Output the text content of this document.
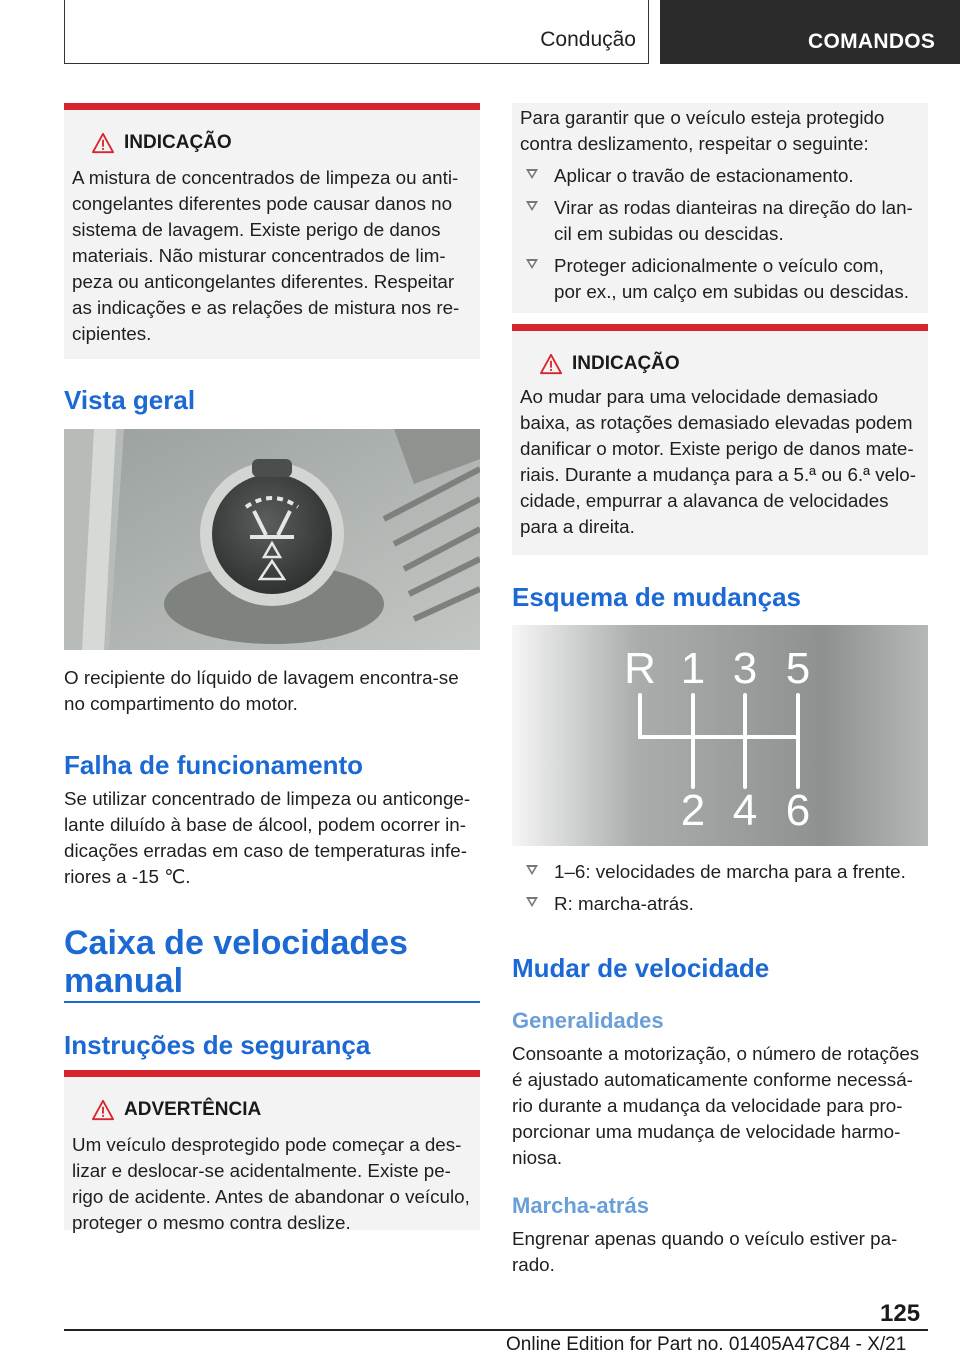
Condução	COMANDOS
INDICAÇÃO
A mistura de concentrados de limpeza ou anti-
congelantes diferentes pode causar danos no
sistema de lavagem. Existe perigo de danos
materiais. Não misturar concentrados de lim-
peza ou anticongelantes diferentes. Respeitar
as indicações e as relações de mistura nos re-
cipientes.
Vista geral
O recipiente do líquido de lavagem encontra-se
no compartimento do motor.
Falha de funcionamento
Se utilizar concentrado de limpeza ou anticonge-
lante diluído à base de álcool, podem ocorrer in-
dicações erradas em caso de temperaturas infe-
riores a -15 ℃.
Caixa de velocidades
manual
Instruções de segurança
ADVERTÊNCIA
Um veículo desprotegido pode começar a des-
lizar e deslocar-se acidentalmente. Existe pe-
rigo de acidente. Antes de abandonar o veículo,
proteger o mesmo contra deslize.
Para garantir que o veículo esteja protegido
contra deslizamento, respeitar o seguinte:
Aplicar o travão de estacionamento.
Virar as rodas dianteiras na direção do lan-
cil em subidas ou descidas.
Proteger adicionalmente o veículo com,
por ex., um calço em subidas ou descidas.
INDICAÇÃO
Ao mudar para uma velocidade demasiado
baixa, as rotações demasiado elevadas podem
danificar o motor. Existe perigo de danos mate-
riais. Durante a mudança para a 5.ª ou 6.ª velo-
cidade, empurrar a alavanca de velocidades
para a direita.
Esquema de mudanças
R 1 3 5
2 4 6
1–6: velocidades de marcha para a frente.
R: marcha-atrás.
Mudar de velocidade
Generalidades
Consoante a motorização, o número de rotações
é ajustado automaticamente conforme necessá-
rio durante a mudança da velocidade para pro-
porcionar uma mudança de velocidade harmo-
niosa.
Marcha-atrás
Engrenar apenas quando o veículo estiver pa-
rado.
125
Online Edition for Part no. 01405A47C84 - X/21
